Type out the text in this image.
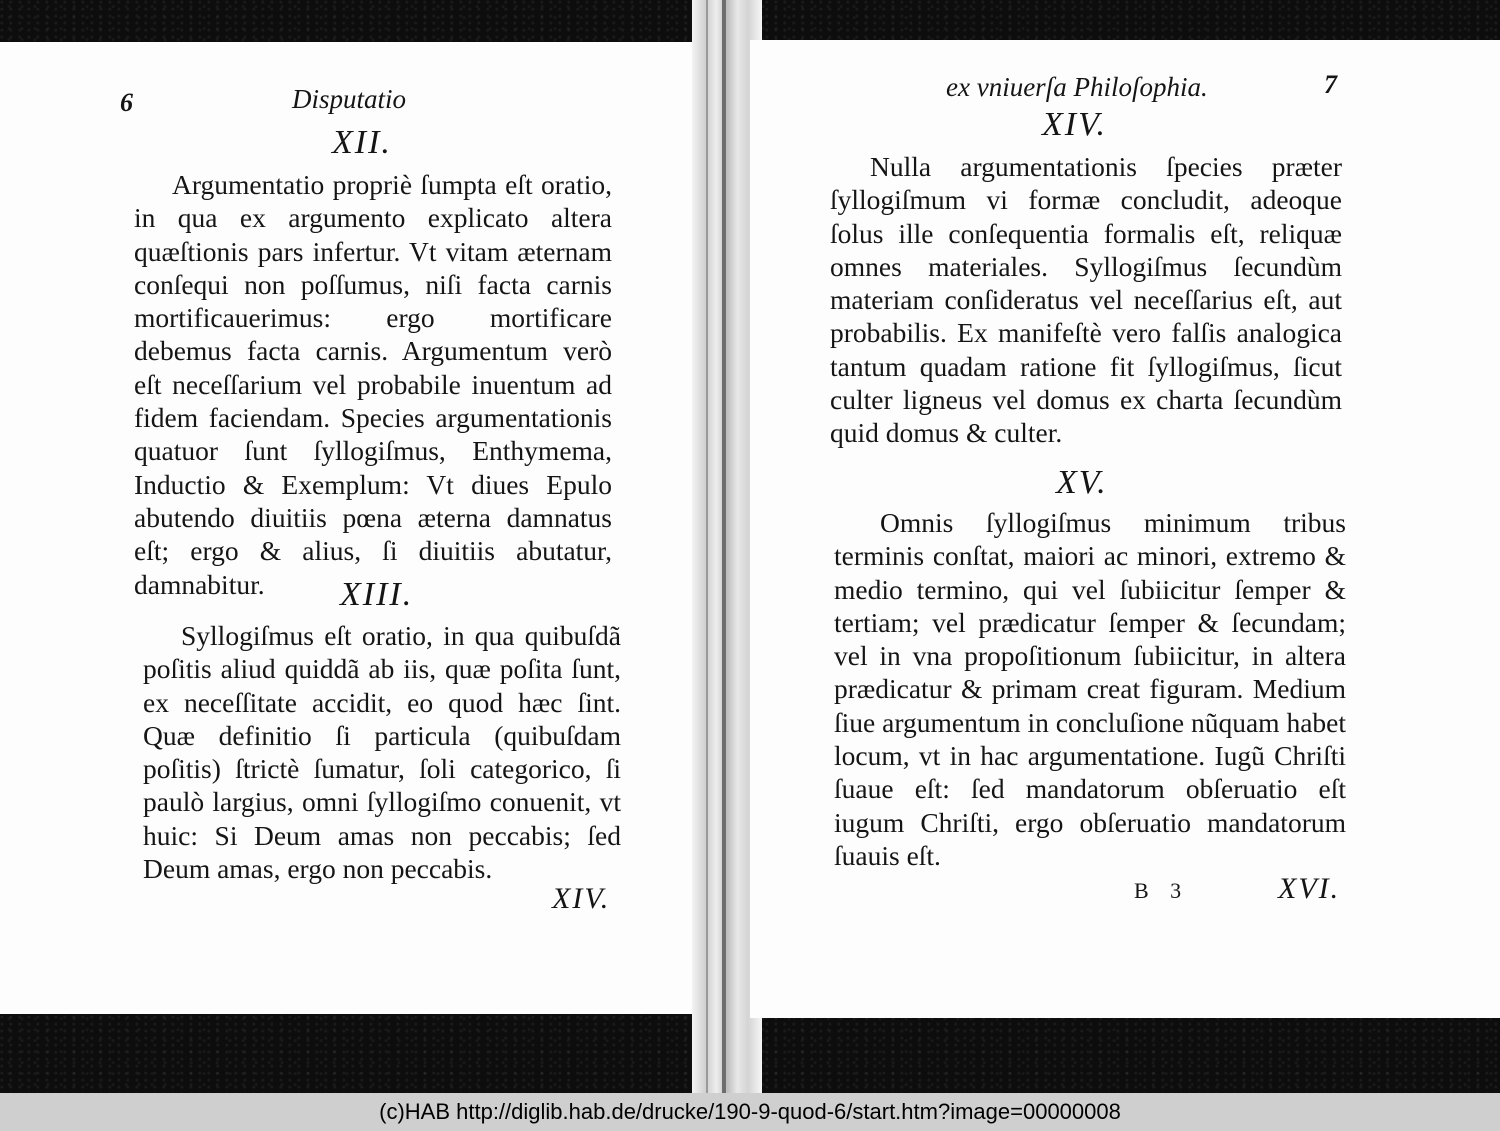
6	Disputatio
XII.

Argumentatio propriè ſumpta eſt oratio, in qua ex argumento explicato altera quæſtionis pars infertur. Vt vitam æternam conſequi non poſſumus, niſi facta carnis mortificauerimus: ergo mortificare debemus facta carnis. Argumentum verò eſt neceſſarium vel probabile inuentum ad fidem faciendam. Species argumentationis quatuor ſunt ſyllogiſmus, Enthymema, Inductio & Exemplum: Vt diues Epulo abutendo diuitiis pœna æterna damnatus eſt; ergo & alius, ſi diuitiis abutatur, damnabitur.	XIII.

Syllogiſmus eſt oratio, in qua quibuſdã poſitis aliud quiddã ab iis, quæ poſita ſunt, ex neceſſitate accidit, eo quod hæc ſint. Quæ definitio ſi particula (quibuſdam poſitis) ſtrictè ſumatur, ſoli categorico, ſi paulò largius, omni ſyllogiſmo conuenit, vt huic: Si Deum amas non peccabis; ſed Deum amas, ergo non peccabis.

XIV.
ex vniuerſa Philoſophia.	7
XIV.

Nulla argumentationis ſpecies præter ſyllogiſmum vi formæ concludit, adeoque ſolus ille conſequentia formalis eſt, reliquæ omnes materiales. Syllogiſmus ſecundùm materiam conſideratus vel neceſſarius eſt, aut probabilis. Ex manifeſtè vero falſis analogica tantum quadam ratione fit ſyllogiſmus, ſicut culter ligneus vel domus ex charta ſecundùm quid domus & culter.

XV.

Omnis ſyllogiſmus minimum tribus terminis conſtat, maiori ac minori, extremo & medio termino, qui vel ſubiicitur ſemper & tertiam; vel prædicatur ſemper & ſecundam; vel in vna propoſitionum ſubiicitur, in altera prædicatur & primam creat figuram. Medium ſiue argumentum in concluſione nũquam habet locum, vt in hac argumentatione. Iugũ Chriſti ſuaue eſt: ſed mandatorum obſeruatio eſt iugum Chriſti, ergo obſeruatio mandatorum ſuauis eſt.

B 3	XVI.
(c)HAB http://diglib.hab.de/drucke/190-9-quod-6/start.htm?image=00000008
